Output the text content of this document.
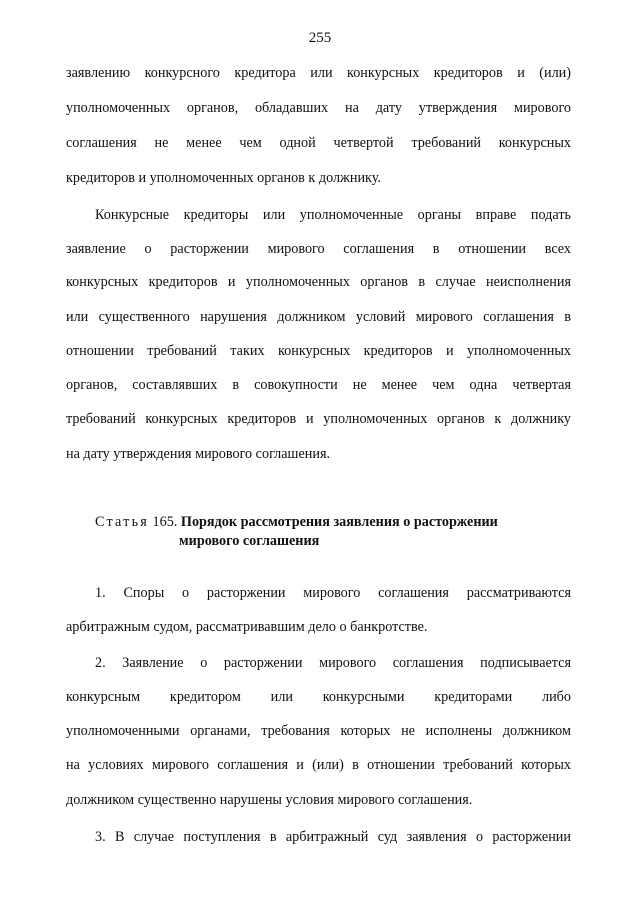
255
заявлению конкурсного кредитора или конкурсных кредиторов и (или)
уполномоченных органов, обладавших на дату утверждения мирового
соглашения не менее чем одной четвертой требований конкурсных
кредиторов и уполномоченных органов к должнику.
Конкурсные кредиторы или уполномоченные органы вправе подать
заявление о расторжении мирового соглашения в отношении всех
конкурсных кредиторов и уполномоченных органов в случае неисполнения
или существенного нарушения должником условий мирового соглашения в
отношении требований таких конкурсных кредиторов и уполномоченных
органов, составлявших в совокупности не менее чем одна четвертая
требований конкурсных кредиторов и уполномоченных органов к должнику
на дату утверждения мирового соглашения.
Статья 165. Порядок рассмотрения заявления о расторжении
мирового соглашения
1. Споры о расторжении мирового соглашения рассматриваются
арбитражным судом, рассматривавшим дело о банкротстве.
2. Заявление о расторжении мирового соглашения подписывается
конкурсным кредитором или конкурсными кредиторами либо
уполномоченными органами, требования которых не исполнены должником
на условиях мирового соглашения и (или) в отношении требований которых
должником существенно нарушены условия мирового соглашения.
3. В случае поступления в арбитражный суд заявления о расторжении
